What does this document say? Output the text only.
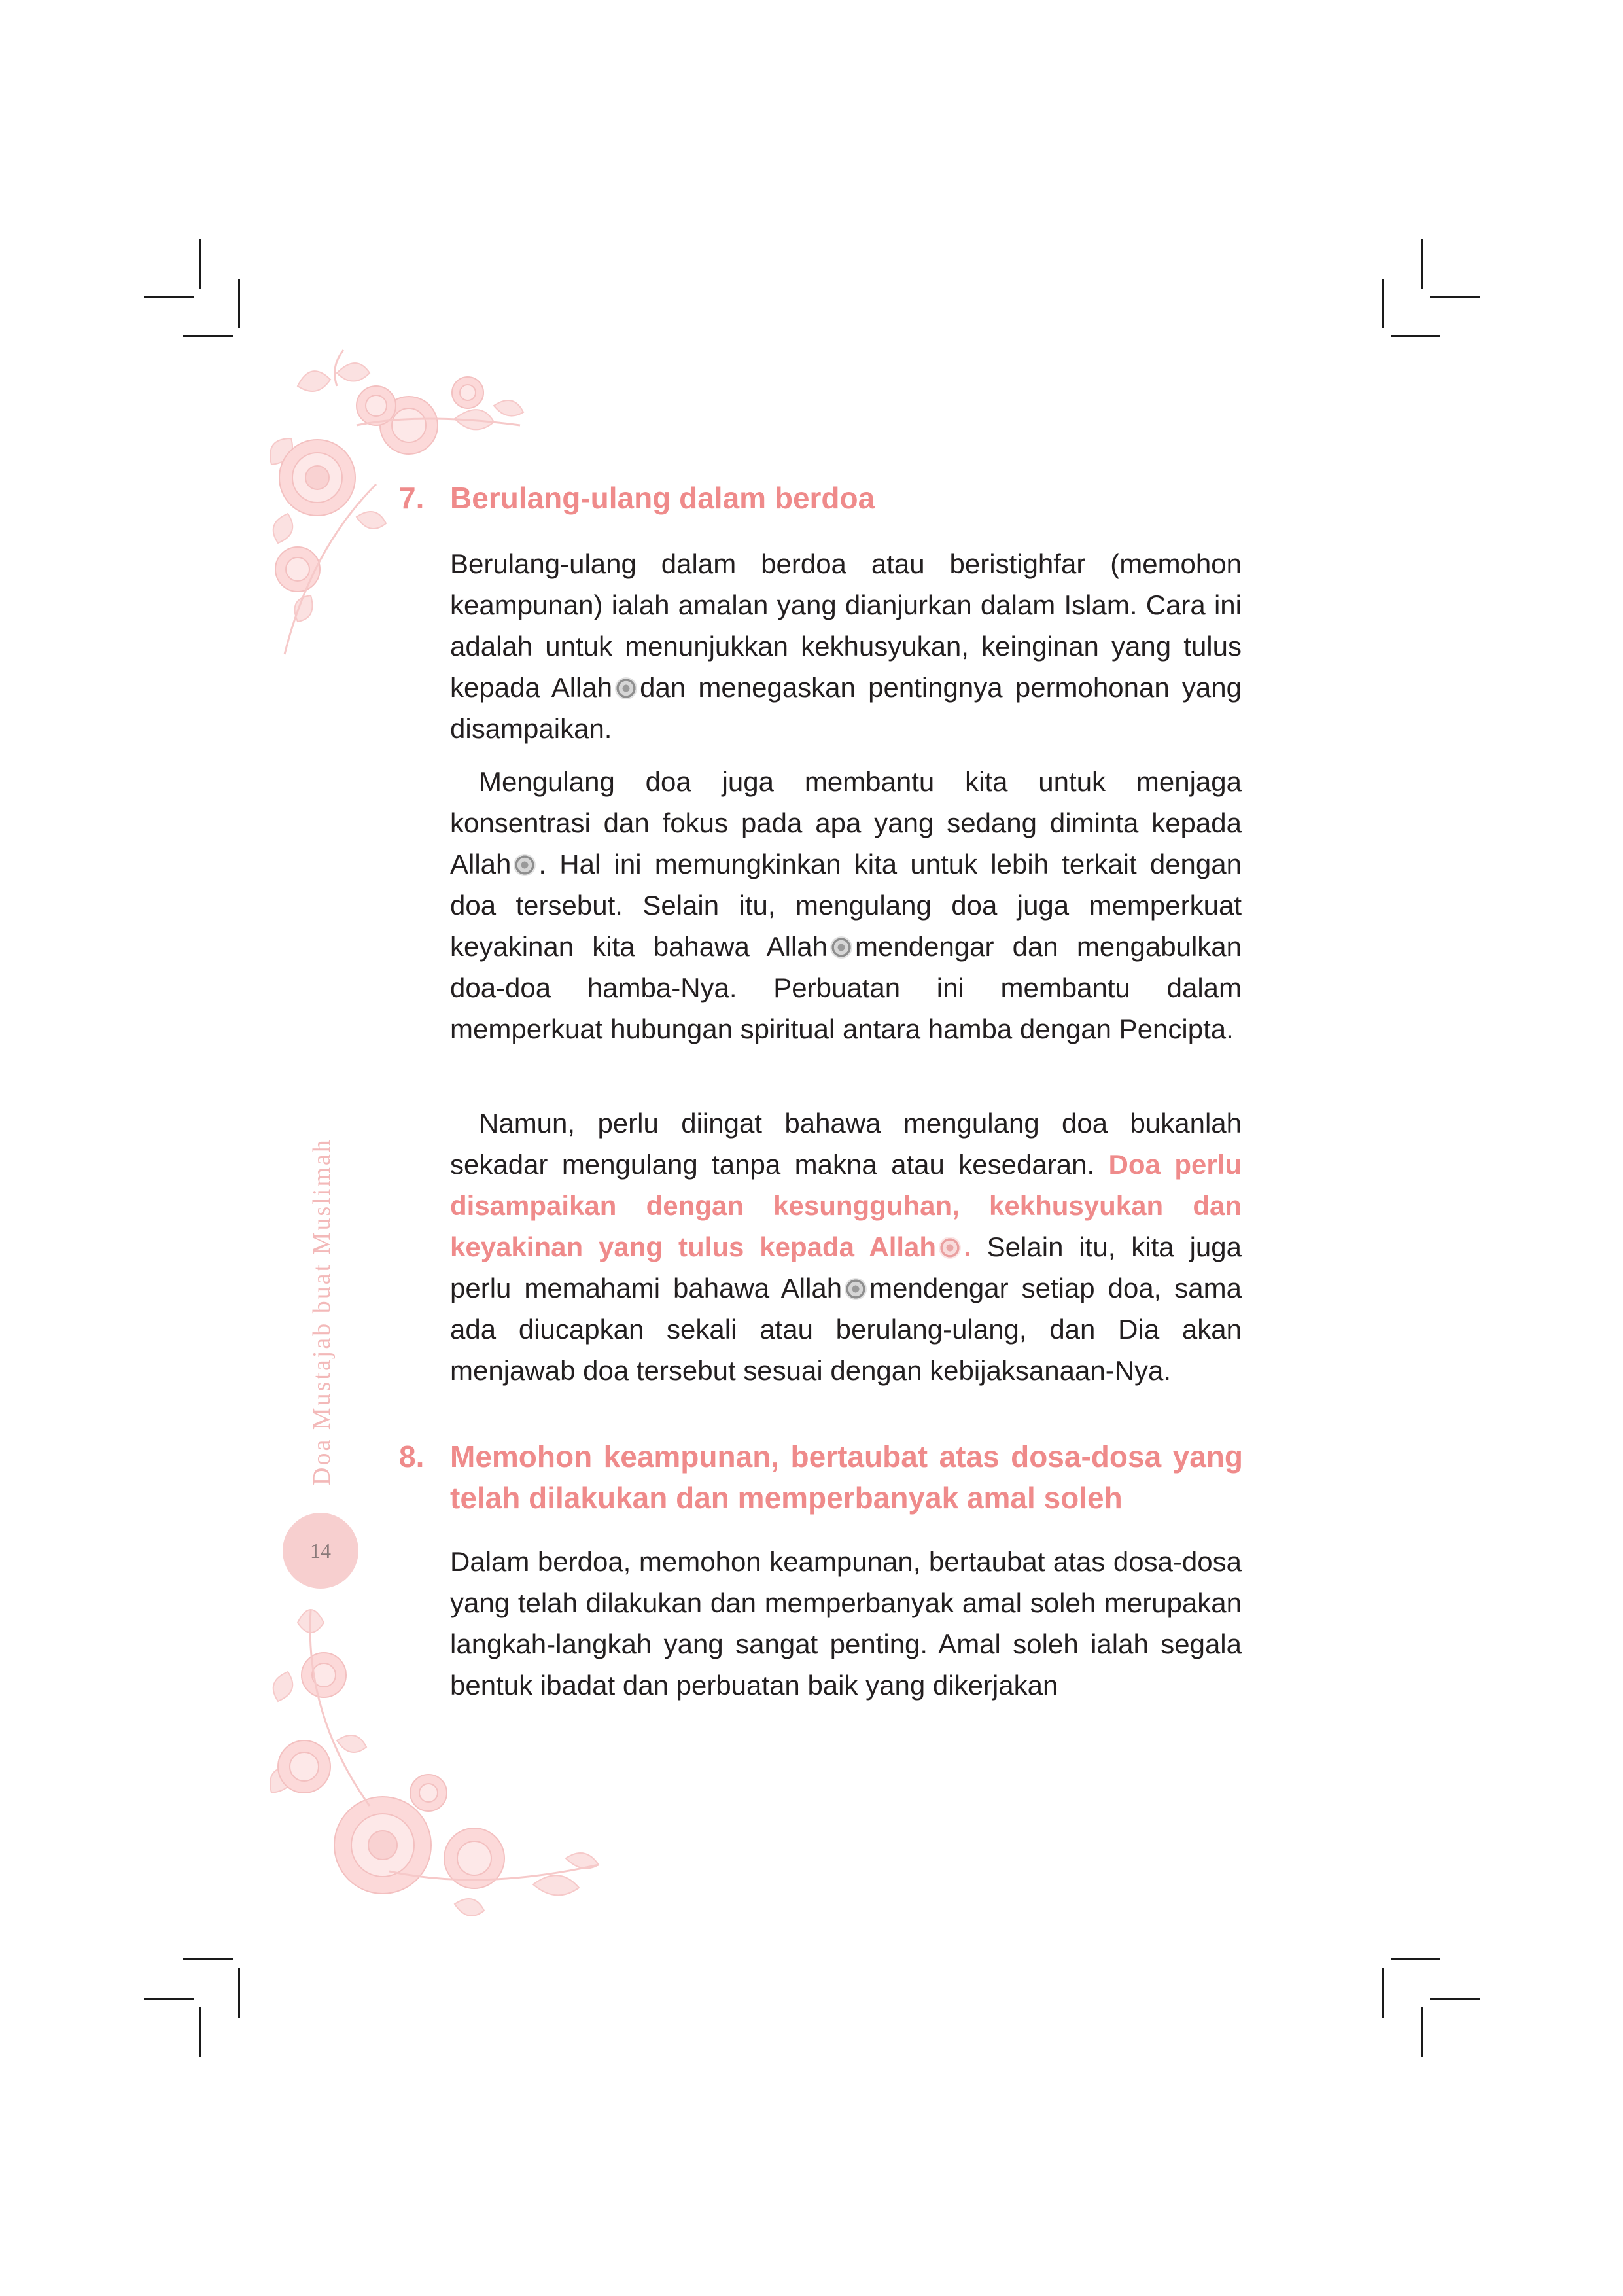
Doa Mustajab buat Muslimah
14
7. Berulang-ulang dalam berdoa

Berulang-ulang dalam berdoa atau beristighfar (memohon keampunan) ialah amalan yang dianjurkan dalam Islam. Cara ini adalah untuk menunjukkan kekhusyukan, keinginan yang tulus kepada Allah dan menegaskan pentingnya permohonan yang disampaikan.

Mengulang doa juga membantu kita untuk menjaga konsentrasi dan fokus pada apa yang sedang diminta kepada Allah . Hal ini memungkinkan kita untuk lebih terkait dengan doa tersebut. Selain itu, mengulang doa juga memperkuat keyakinan kita bahawa Allah mendengar dan mengabulkan doa-doa hamba-Nya. Perbuatan ini membantu dalam memperkuat hubungan spiritual antara hamba dengan Pencipta.

Namun, perlu diingat bahawa mengulang doa bukanlah sekadar mengulang tanpa makna atau kesedaran. Doa perlu disampaikan dengan kesungguhan, kekhusyukan dan keyakinan yang tulus kepada Allah . Selain itu, kita juga perlu memahami bahawa Allah mendengar setiap doa, sama ada diucapkan sekali atau berulang-ulang, dan Dia akan menjawab doa tersebut sesuai dengan kebijaksanaan-Nya.

8. Memohon keampunan, bertaubat atas dosa-dosa yang telah dilakukan dan memperbanyak amal soleh

Dalam berdoa, memohon keampunan, bertaubat atas dosa-dosa yang telah dilakukan dan memperbanyak amal soleh merupakan langkah-langkah yang sangat penting. Amal soleh ialah segala bentuk ibadat dan perbuatan baik yang dikerjakan
